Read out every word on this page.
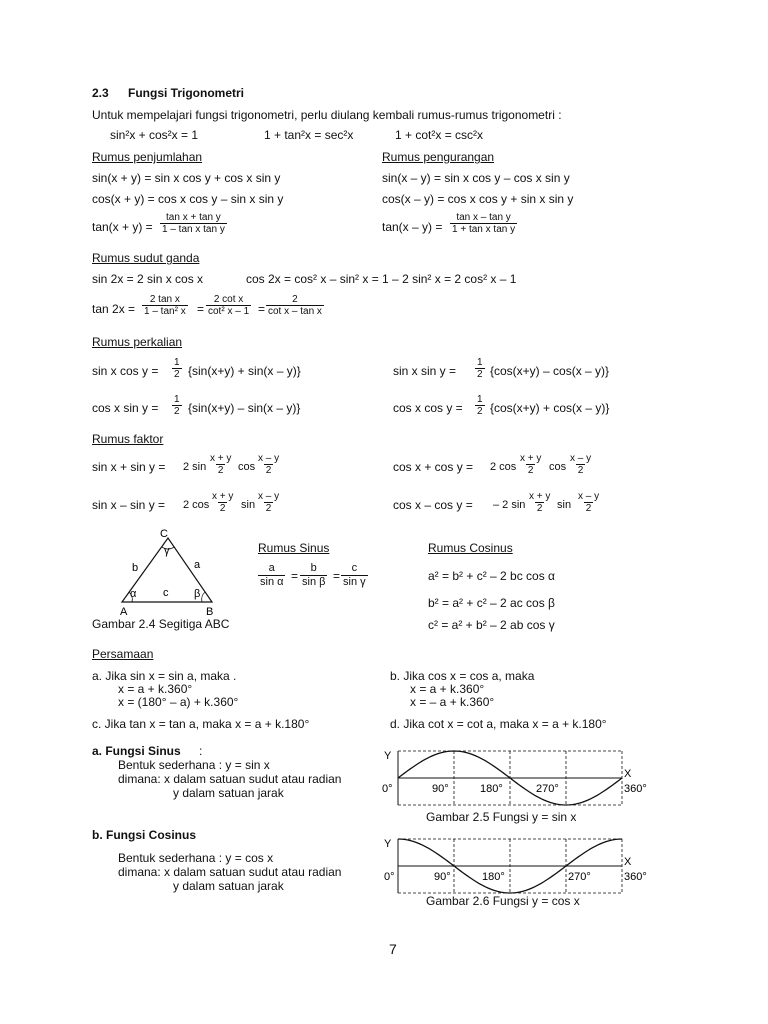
2.3 Fungsi Trigonometri
Untuk mempelajari fungsi trigonometri, perlu diulang kembali rumus-rumus trigonometri :
sin²x + cos²x = 1	1 + tan²x = sec²x	1 + cot²x = csc²x
Rumus penjumlahan	Rumus pengurangan
sin(x + y) = sin x cos y + cos x sin y	sin(x – y) = sin x cos y – cos x sin y
cos(x + y) = cos x cos y – sin x sin y	cos(x – y) = cos x cos y + sin x sin y
$\tan(x + y) = \frac{\text{tan x + tan y}}{\text{1 – tan x tan y}}$	$\tan(x - y) = \frac{\text{tan x – tan y}}{\text{1 + tan x tan y}}$
Rumus sudut ganda
sin 2x = 2 sin x cos x	cos 2x = cos² x – sin² x = 1 – 2 sin² x = 2 cos² x – 1
$\tan 2x = \frac{\text{2 tan x}}{\text{1 – tan² x}} = \frac{\text{2 cot x}}{\text{cot² x – 1}} = \frac{2}{\text{cot x – tan x}}$
Rumus perkalian
sin x $\cos y = \frac{1}{2} \{\sin(x+y) + \sin(x - y)\}$	sin x $\sin y = \frac{1}{2} \{\cos(x+y) - \cos(x - y)\}$
cos x $\sin y = \frac{1}{2} \{\sin(x+y) - \sin(x - y)\}$	cos x $\cos y = \frac{1}{2} \{\cos(x+y) + \cos(x - y)\}$
Rumus faktor
sin x + sin y = 2 $\sin \frac{x + y}{2}$ $\cos \frac{x - y}{2}$	cos x + cos y = 2 $\cos \frac{x + y}{2}$ $\cos \frac{x - y}{2}$
sin x – sin y = 2 $\cos \frac{x + y}{2}$ $\sin \frac{x - y}{2}$	cos x – cos y = – 2 $\sin \frac{x + y}{2}$ $\sin \frac{x - y}{2}$
C
A	B
a
b
c
α	β
γ
Gambar 2.4 Segitiga ABC
Rumus Sinus
$\frac{a}{\text{sin α}} = \frac{b}{\text{sin β}} = \frac{c}{\text{sin γ}}$
Rumus Cosinus
a² = b² + c² – 2 bc cos α
b² = a² + c² – 2 ac cos β
c² = a² + b² – 2 ab cos γ
Persamaan
a. Jika sin x = sin a, maka .
x = a + k.360°
x = (180° – a) + k.360°
b. Jika cos x = cos a, maka
x = a + k.360°
x = – a + k.360°
c. Jika tan x = tan a, maka x = a + k.180°	d. Jika cot x = cot a, maka x = a + k.180°
a. Fungsi Sinus :
Bentuk sederhana : y = sin x
dimana: x dalam satuan sudut atau radian
y dalam satuan jarak
Y
X
0°	90°	180°	270°	360°
Gambar 2.5 Fungsi y = sin x
b. Fungsi Cosinus
Bentuk sederhana : y = cos x
dimana: x dalam satuan sudut atau radian
y dalam satuan jarak
Y
X
0°	90°	180°	270°	360°
Gambar 2.6 Fungsi y = cos x
7
